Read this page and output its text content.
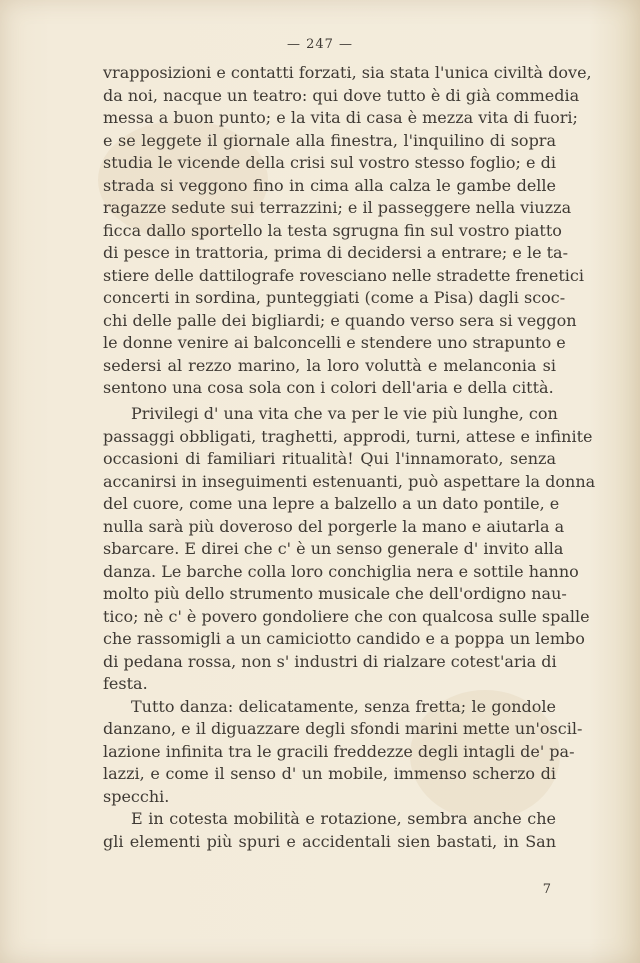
— 247 —
vrapposizioni e contatti forzati, sia stata l'unica civiltà dove,
da noi, nacque un teatro: qui dove tutto è di già commedia
messa a buon punto; e la vita di casa è mezza vita di fuori;
e se leggete il giornale alla finestra, l'inquilino di sopra
studia le vicende della crisi sul vostro stesso foglio; e di
strada si veggono fino in cima alla calza le gambe delle
ragazze sedute sui terrazzini; e il passeggere nella viuzza
ficca dallo sportello la testa sgrugna fin sul vostro piatto
di pesce in trattoria, prima di decidersi a entrare; e le ta-
stiere delle dattilografe rovesciano nelle stradette frenetici
concerti in sordina, punteggiati (come a Pisa) dagli scoc-
chi delle palle dei bigliardi; e quando verso sera si veggon
le donne venire ai balconcelli e stendere uno strapunto e
sedersi al rezzo marino, la loro voluttà e melanconia si
sentono una cosa sola con i colori dell'aria e della città.
Privilegi d' una vita che va per le vie più lunghe, con
passaggi obbligati, traghetti, approdi, turni, attese e infinite
occasioni di familiari ritualità! Qui l'innamorato, senza
accanirsi in inseguimenti estenuanti, può aspettare la donna
del cuore, come una lepre a balzello a un dato pontile, e
nulla sarà più doveroso del porgerle la mano e aiutarla a
sbarcare. E direi che c' è un senso generale d' invito alla
danza. Le barche colla loro conchiglia nera e sottile hanno
molto più dello strumento musicale che dell'ordigno nau-
tico; nè c' è povero gondoliere che con qualcosa sulle spalle
che rassomigli a un camiciotto candido e a poppa un lembo
di pedana rossa, non s' industri di rialzare cotest'aria di
festa.
Tutto danza: delicatamente, senza fretta; le gondole
danzano, e il diguazzare degli sfondi marini mette un'oscil-
lazione infinita tra le gracili freddezze degli intagli de' pa-
lazzi, e come il senso d' un mobile, immenso scherzo di
specchi.
E in cotesta mobilità e rotazione, sembra anche che
gli elementi più spuri e accidentali sien bastati, in San
7
